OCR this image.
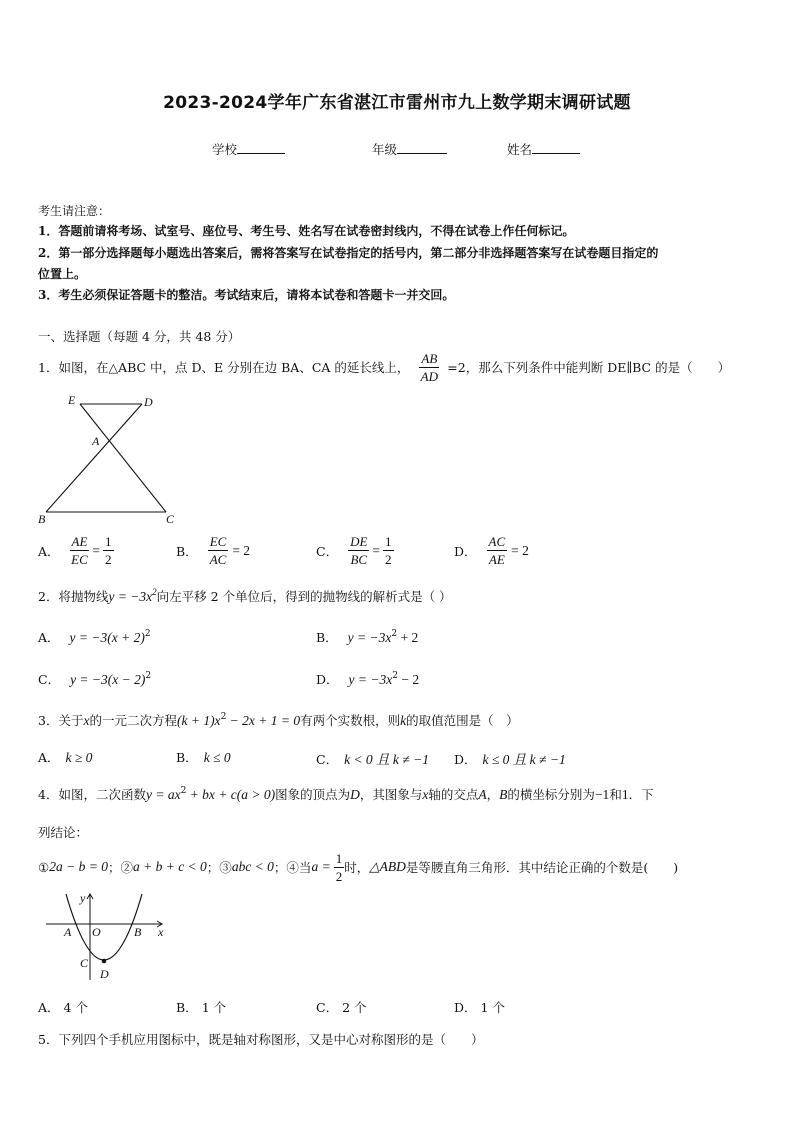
2023-2024学年广东省湛江市雷州市九上数学期末调研试题
学校	年级	姓名
考生请注意：
1．答题前请将考场、试室号、座位号、考生号、姓名写在试卷密封线内，不得在试卷上作任何标记。
2．第一部分选择题每小题选出答案后，需将答案写在试卷指定的括号内，第二部分非选择题答案写在试卷题目指定的
位置上。
3．考生必须保证答题卡的整洁。考试结束后，请将本试卷和答题卡一并交回。
一、选择题（每题 4 分，共 48 分）
1．如图，在△ABC 中，点 D、E 分别在边 BA、CA 的延长线上， $\frac{AB}{AD} =2$，那么下列条件中能判断 DE∥BC 的是（　　）
E	D
A
B	C
A． $\frac{AE}{EC} = \frac{1}{2}$	B． $\frac{EC}{AC} = 2$	C． $\frac{DE}{BC} = \frac{1}{2}$	D． $\frac{AC}{AE} = 2$
2．将抛物线$y = -3x^2$向左平移 2 个单位后，得到的抛物线的解析式是（ ）
A． $y = -3(x + 2)^2$	B． $y = -3x^2 + 2$
C． $y = -3(x - 2)^2$	D． $y = -3x^2 - 2$
3．关于x的一元二次方程$(k + 1)x^2 - 2x + 1 = 0$有两个实数根，则k的取值范围是（　）
A． k ≥ 0	B． k ≤ 0	C． k < 0 且 k ≠ −1 D． k ≤ 0 且 k ≠ −1
4．如图，二次函数$y = ax^2$ + bx + c(a > 0)图象的顶点为D，其图象与x轴的交点A，B的横坐标分别为−1和1．下
列结论：
① 2a − b = 0 ；② a + b + c < 0 ；③ abc < 0 ；④当 $a = \frac{1}{2}$ 时， △ABD 是等腰直角三角形．其中结论正确的个数是(　　)
y
A O	B x
C
D
A． 4 个	B． 1 个	C． 2 个	D． 1 个
5．下列四个手机应用图标中，既是轴对称图形，又是中心对称图形的是（　　）
